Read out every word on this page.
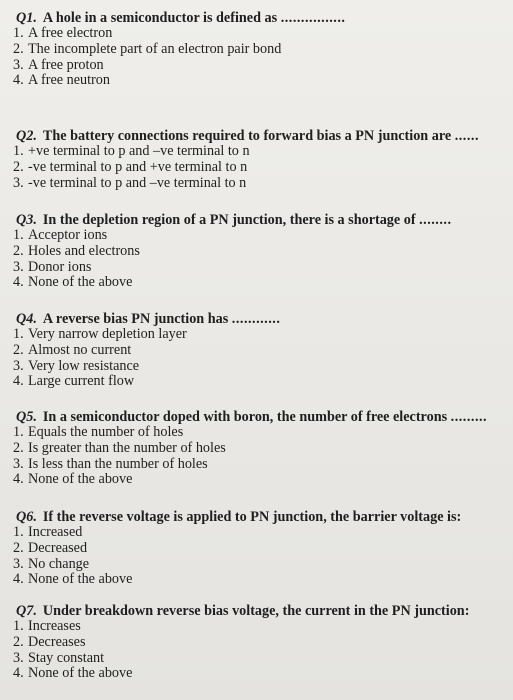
Q1. A hole in a semiconductor is defined as ................
1. A free electron
2. The incomplete part of an electron pair bond
3. A free proton
4. A free neutron
Q2. The battery connections required to forward bias a PN junction are ......
1. +ve terminal to p and –ve terminal to n
2. -ve terminal to p and +ve terminal to n
3. -ve terminal to p and –ve terminal to n
Q3. In the depletion region of a PN junction, there is a shortage of ........
1. Acceptor ions
2. Holes and electrons
3. Donor ions
4. None of the above
Q4. A reverse bias PN junction has ............
1. Very narrow depletion layer
2. Almost no current
3. Very low resistance
4. Large current flow
Q5. In a semiconductor doped with boron, the number of free electrons .........
1. Equals the number of holes
2. Is greater than the number of holes
3. Is less than the number of holes
4. None of the above
Q6. If the reverse voltage is applied to PN junction, the barrier voltage is:
1. Increased
2. Decreased
3. No change
4. None of the above
Q7. Under breakdown reverse bias voltage, the current in the PN junction:
1. Increases
2. Decreases
3. Stay constant
4. None of the above
